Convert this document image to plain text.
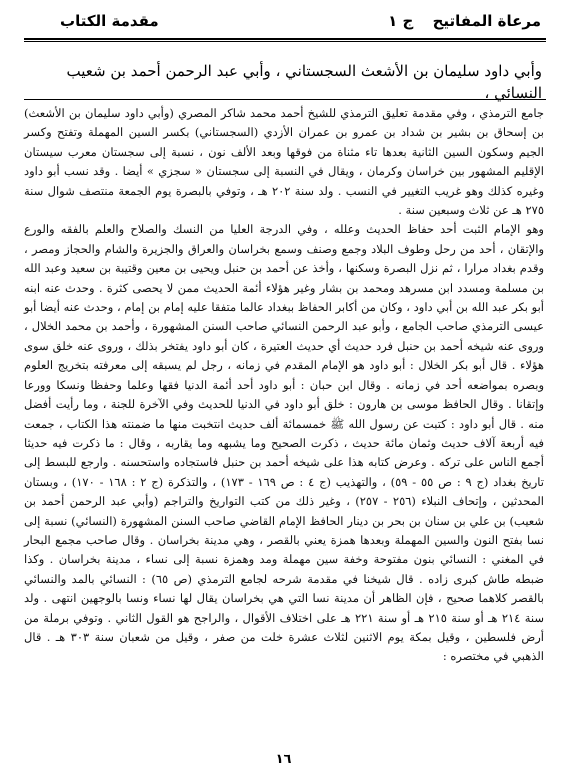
مرعاة المفاتيح ج ١
مقدمة الكتاب
وأبي داود سليمان بن الأشعث السجستاني ، وأبي عبد الرحمن أحمد بن شعيب النسائي ،

جامع الترمذي ، وفي مقدمة تعليق الترمذي للشيخ أحمد محمد شاكر المصري (وأبي داود سليمان بن الأشعث) بن إسحاق بن بشير بن شداد بن عمرو بن عمران الأزدي (السجستاني) بكسر السين المهملة وتفتح وكسر الجيم وسكون السين الثانية بعدها تاء مثناة من فوقها وبعد الألف نون ، نسبة إلى سجستان معرب سيستان الإقليم المشهور بين خراسان وكرمان ، ويقال في النسبة إلى سجستان « سجزي » أيضا . وقد نسب أبو داود وغيره كذلك وهو غريب التغيير في النسب . ولد سنة ٢٠٢ هـ ، وتوفي بالبصرة يوم الجمعة منتصف شوال سنة ٢٧٥ هـ عن ثلاث وسبعين سنة .

وهو الإمام الثبت أحد حفاظ الحديث وعلله ، وفي الدرجة العليا من النسك والصلاح والعلم بالفقه والورع والإتقان ، أحد من رحل وطوف البلاد وجمع وصنف وسمع بخراسان والعراق والجزيرة والشام والحجاز ومصر ، وقدم بغداد مرارا ، ثم نزل البصرة وسكنها ، وأخذ عن أحمد بن حنبل ويحيى بن معين وقتيبة بن سعيد وعبد الله بن مسلمة ومسدد ابن مسرهد ومحمد بن بشار وغير هؤلاء أئمة الحديث ممن لا يحصى كثرة . وحدث عنه ابنه أبو بكر عبد الله بن أبي داود ، وكان من أكابر الحفاظ ببغداد عالما متفقا عليه إمام بن إمام ، وحدث عنه أيضا أبو عيسى الترمذي صاحب الجامع ، وأبو عبد الرحمن النسائي صاحب السنن المشهورة ، وأحمد بن محمد الخلال ، وروى عنه شيخه أحمد بن حنبل فرد حديث أي حديث العتيرة ، كان أبو داود يفتخر بذلك ، وروى عنه خلق سوى هؤلاء . قال أبو بكر الخلال : أبو داود هو الإمام المقدم في زمانه ، رجل لم يسبقه إلى معرفته بتخريج العلوم وبصره بمواضعه أحد في زمانه . وقال ابن حبان : أبو داود أحد أئمة الدنيا فقها وعلما وحفظا ونسكا وورعا وإتقانا . وقال الحافظ موسى بن هارون : خلق أبو داود في الدنيا للحديث وفي الآخرة للجنة ، وما رأيت أفضل منه . قال أبو داود : كتبت عن رسول الله ﷺ خمسمائة ألف حديث انتخبت منها ما ضمنته هذا الكتاب ، جمعت فيه أربعة آلاف حديث وثمان مائة حديث ، ذكرت الصحيح وما يشبهه وما يقاربه ، وقال : ما ذكرت فيه حديثا أجمع الناس على تركه . وعرض كتابه هذا على شيخه أحمد بن حنبل فاستجاده واستحسنه . وارجع للبسط إلى تاريخ بغداد (ج ٩ : ص ٥٥ - ٥٩) ، والتهذيب (ج ٤ : ص ١٦٩ - ١٧٣) ، والتذكرة (ج ٢ : ١٦٨ - ١٧٠) ، وبستان المحدثين ، وإتحاف النبلاء (٢٥٦ - ٢٥٧) ، وغير ذلك من كتب التواريخ والتراجم (وأبي عبد الرحمن أحمد بن شعيب) بن علي بن سنان بن بحر بن دينار الحافظ الإمام القاضي صاحب السنن المشهورة (النسائي) نسبة إلى نسا بفتح النون والسين المهملة وبعدها همزة يعني بالقصر ، وهي مدينة بخراسان . وقال صاحب مجمع البحار في المغني : النسائي بنون مفتوحة وخفة سين مهملة ومد وهمزة نسبة إلى نساء ، مدينة بخراسان . وكذا ضبطه طاش كبرى زاده . قال شيخنا في مقدمة شرحه لجامع الترمذي (ص ٦٥) : النسائي بالمد والنسائي بالقصر كلاهما صحيح ، فإن الظاهر أن مدينة نسا التي هي بخراسان يقال لها نساء ونسا بالوجهين انتهى . ولد سنة ٢١٤ هـ أو سنة ٢١٥ هـ أو سنة ٢٢١ هـ على اختلاف الأقوال ، والراجح هو القول الثاني . وتوفي برملة من أرض فلسطين ، وقيل بمكة يوم الاثنين لثلاث عشرة خلت من صفر ، وقيل من شعبان سنة ٣٠٣ هـ . قال الذهبي في مختصره :

١٦
